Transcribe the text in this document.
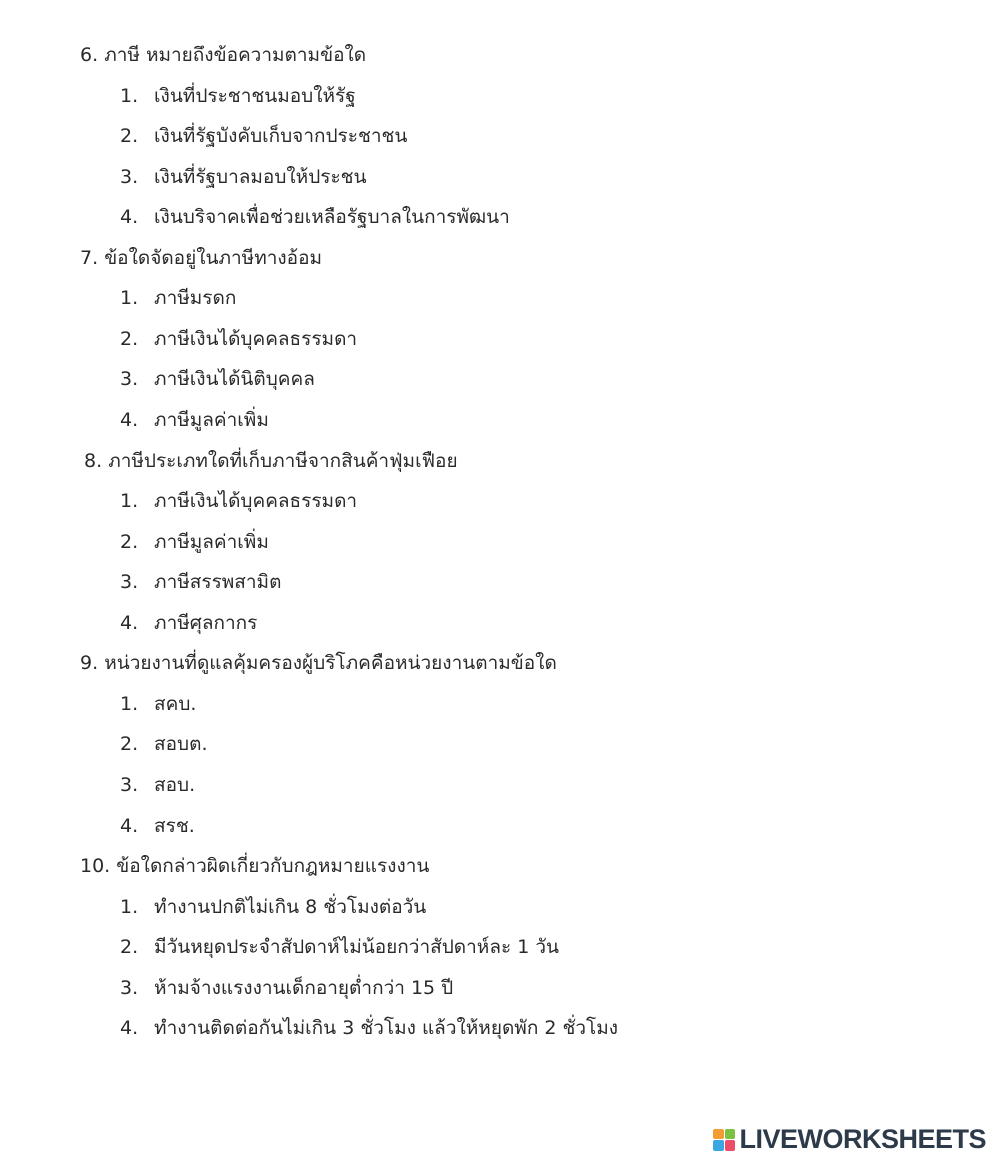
6. ภาษี หมายถึงข้อความตามข้อใด
1. เงินที่ประชาชนมอบให้รัฐ
2. เงินที่รัฐบังคับเก็บจากประชาชน
3. เงินที่รัฐบาลมอบให้ประชน
4. เงินบริจาคเพื่อช่วยเหลือรัฐบาลในการพัฒนา
7. ข้อใดจัดอยู่ในภาษีทางอ้อม
1. ภาษีมรดก
2. ภาษีเงินได้บุคคลธรรมดา
3. ภาษีเงินได้นิติบุคคล
4. ภาษีมูลค่าเพิ่ม
8. ภาษีประเภทใดที่เก็บภาษีจากสินค้าฟุ่มเฟือย
1. ภาษีเงินได้บุคคลธรรมดา
2. ภาษีมูลค่าเพิ่ม
3. ภาษีสรรพสามิต
4. ภาษีศุลกากร
9. หน่วยงานที่ดูแลคุ้มครองผู้บริโภคคือหน่วยงานตามข้อใด
1. สคบ.
2. สอบต.
3. สอบ.
4. สรช.
10. ข้อใดกล่าวผิดเกี่ยวกับกฎหมายแรงงาน
1. ทำงานปกติไม่เกิน 8 ชั่วโมงต่อวัน
2. มีวันหยุดประจำสัปดาห์ไม่น้อยกว่าสัปดาห์ละ 1 วัน
3. ห้ามจ้างแรงงานเด็กอายุต่ำกว่า 15 ปี
4. ทำงานติดต่อกันไม่เกิน 3 ชั่วโมง แล้วให้หยุดพัก 2 ชั่วโมง
LIVEWORKSHEETS
